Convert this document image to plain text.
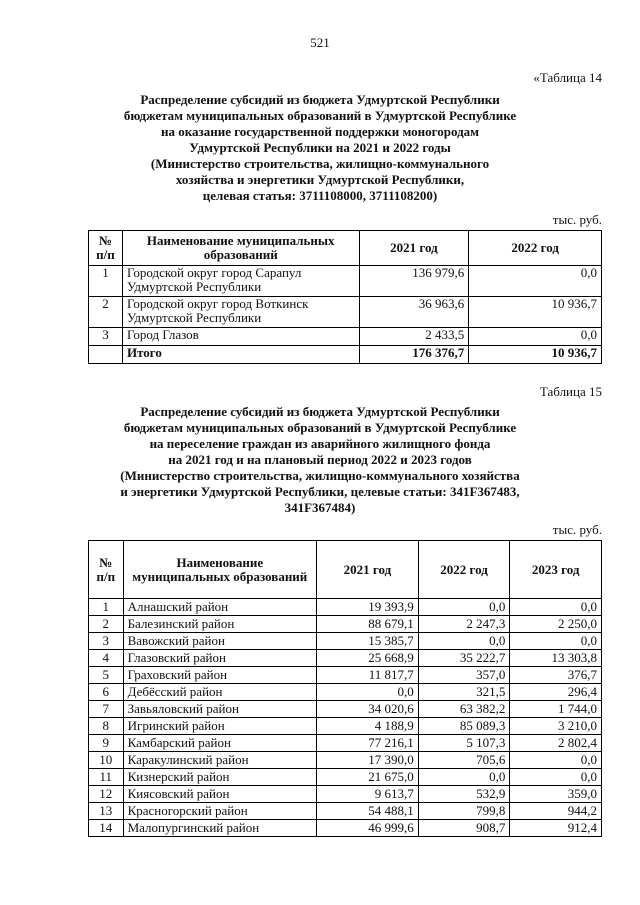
521
«Таблица 14
Распределение субсидий из бюджета Удмуртской Республики
бюджетам муниципальных образований в Удмуртской Республике
на оказание государственной поддержки моногородам
Удмуртской Республики на 2021 и 2022 годы
(Министерство строительства, жилищно-коммунального
хозяйства и энергетики Удмуртской Республики,
целевая статья: 3711108000, 3711108200)
тыс. руб.
№ п/п	Наименование муниципальных образований	2021 год	2022 год
1	Городской округ город Сарапул Удмуртской Республики	136 979,6	0,0
2	Городской округ город Воткинск Удмуртской Республики	36 963,6	10 936,7
3	Город Глазов	2 433,5	0,0
	Итого	176 376,7	10 936,7
Таблица 15
Распределение субсидий из бюджета Удмуртской Республики
бюджетам муниципальных образований в Удмуртской Республике
на переселение граждан из аварийного жилищного фонда
на 2021 год и на плановый период 2022 и 2023 годов
(Министерство строительства, жилищно-коммунального хозяйства
и энергетики Удмуртской Республики, целевые статьи: 341F367483,
341F367484)
тыс. руб.
№ п/п	Наименование муниципальных образований	2021 год	2022 год	2023 год
1	Алнашский район	19 393,9	0,0	0,0
2	Балезинский район	88 679,1	2 247,3	2 250,0
3	Вавожский район	15 385,7	0,0	0,0
4	Глазовский район	25 668,9	35 222,7	13 303,8
5	Граховский район	11 817,7	357,0	376,7
6	Дебёсский район	0,0	321,5	296,4
7	Завьяловский район	34 020,6	63 382,2	1 744,0
8	Игринский район	4 188,9	85 089,3	3 210,0
9	Камбарский район	77 216,1	5 107,3	2 802,4
10	Каракулинский район	17 390,0	705,6	0,0
11	Кизнерский район	21 675,0	0,0	0,0
12	Киясовский район	9 613,7	532,9	359,0
13	Красногорский район	54 488,1	799,8	944,2
14	Малопургинский район	46 999,6	908,7	912,4
